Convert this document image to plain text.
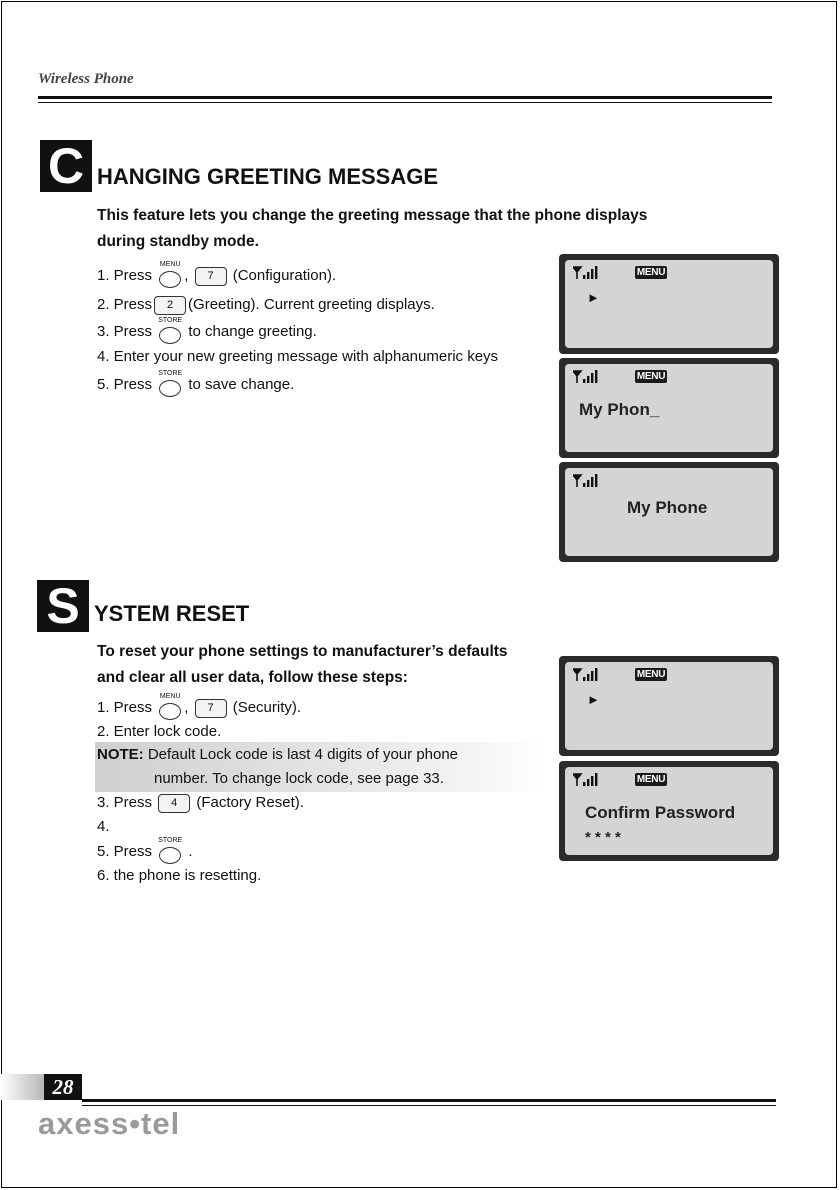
Wireless Phone
C HANGING GREETING MESSAGE
This feature lets you change the greeting message that the phone displays
during standby mode.
1. Press
MENU
, 7 (Configuration).
2. Press 2 (Greeting). Current greeting displays.
3. Press
STORE
to change greeting.
4. Enter your new greeting message with alphanumeric keys
5. Press
STORE
to save change.
MENU
►
MENU
My Phon_
My Phone
S YSTEM RESET
To reset your phone settings to manufacturer’s defaults
and clear all user data, follow these steps:
1. Press
MENU
, 7 (Security).
2. Enter lock code.
NOTE: Default Lock code is last 4 digits of your phone
number. To change lock code, see page 33.
3. Press 4 (Factory Reset).
4.
5. Press
STORE
.
6. the phone is resetting.
MENU
►
MENU
Confirm Password
* * * *
28
axess•tel
